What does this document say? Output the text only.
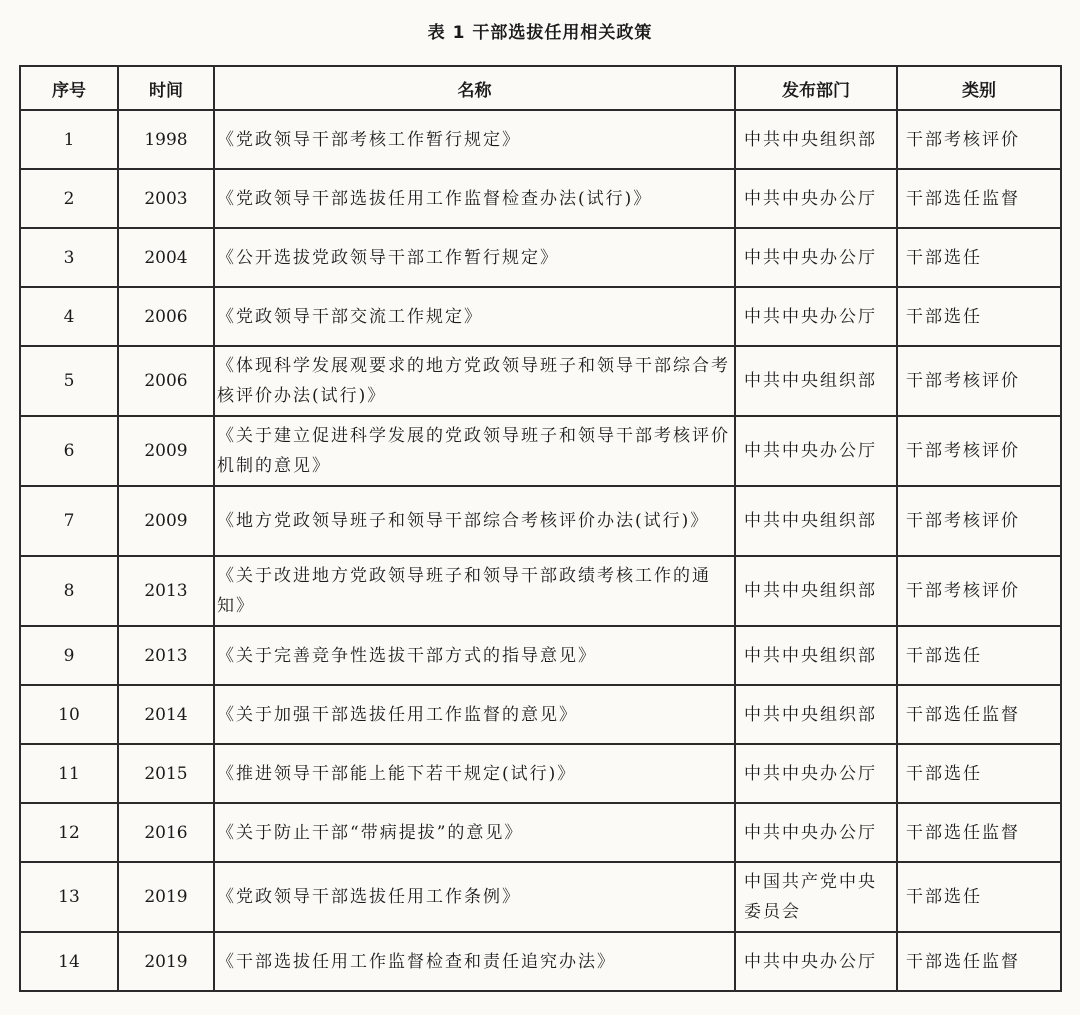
表 1 干部选拔任用相关政策
序号	时间	名称	发布部门	类别
1	1998	《党政领导干部考核工作暂行规定》	中共中央组织部	干部考核评价
2	2003	《党政领导干部选拔任用工作监督检查办法(试行)》	中共中央办公厅	干部选任监督
3	2004	《公开选拔党政领导干部工作暂行规定》	中共中央办公厅	干部选任
4	2006	《党政领导干部交流工作规定》	中共中央办公厅	干部选任
5	2006	《体现科学发展观要求的地方党政领导班子和领导干部综合考核评价办法(试行)》	中共中央组织部	干部考核评价
6	2009	《关于建立促进科学发展的党政领导班子和领导干部考核评价机制的意见》	中共中央办公厅	干部考核评价
7	2009	《地方党政领导班子和领导干部综合考核评价办法(试行)》	中共中央组织部	干部考核评价
8	2013	《关于改进地方党政领导班子和领导干部政绩考核工作的通知》	中共中央组织部	干部考核评价
9	2013	《关于完善竞争性选拔干部方式的指导意见》	中共中央组织部	干部选任
10	2014	《关于加强干部选拔任用工作监督的意见》	中共中央组织部	干部选任监督
11	2015	《推进领导干部能上能下若干规定(试行)》	中共中央办公厅	干部选任
12	2016	《关于防止干部“带病提拔”的意见》	中共中央办公厅	干部选任监督
13	2019	《党政领导干部选拔任用工作条例》	中国共产党中央委员会	干部选任
14	2019	《干部选拔任用工作监督检查和责任追究办法》	中共中央办公厅	干部选任监督
